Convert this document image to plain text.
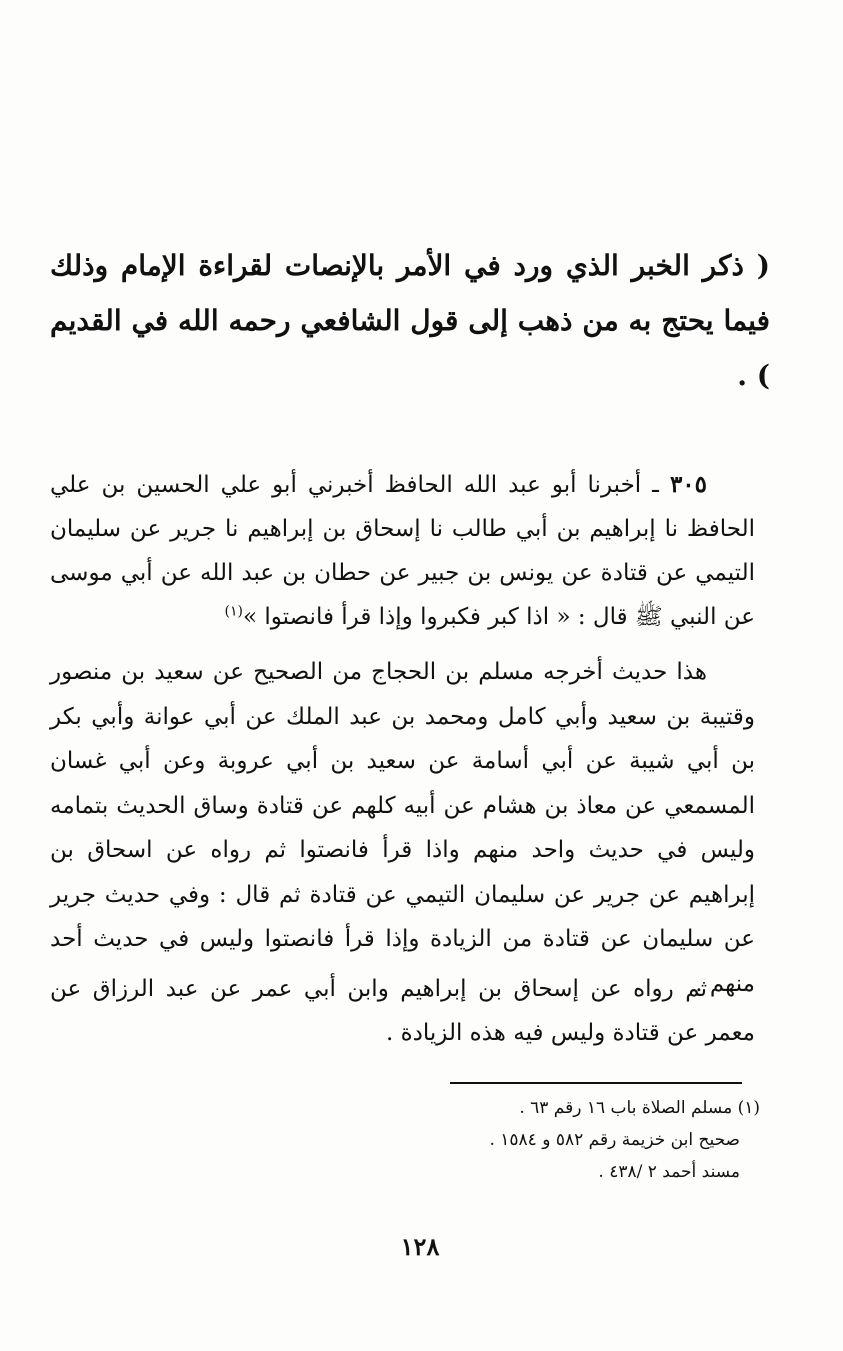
( ذكر الخبر الذي ورد في الأمر بالإنصات لقراءة الإمام وذلك فيما يحتج به من ذهب إلى قول الشافعي رحمه الله في القديم ) .
٣٠٥ ـ أخبرنا أبو عبد الله الحافظ أخبرني أبو علي الحسين بن علي الحافظ نا إبراهيم بن أبي طالب نا إسحاق بن إبراهيم نا جرير عن سليمان التيمي عن قتادة عن يونس بن جبير عن حطان بن عبد الله عن أبي موسى عن النبي ﷺ قال : « اذا كبر فكبروا وإذا قرأ فانصتوا »$^{(١)}$
هذا حديث أخرجه مسلم بن الحجاج من الصحيح عن سعيد بن منصور وقتيبة بن سعيد وأبي كامل ومحمد بن عبد الملك عن أبي عوانة وأبي بكر بن أبي شيبة عن أبي أسامة عن سعيد بن أبي عروبة وعن أبي غسان المسمعي عن معاذ بن هشام عن أبيه كلهم عن قتادة وساق الحديث بتمامه وليس في حديث واحد منهم واذا قرأ فانصتوا ثم رواه عن اسحاق بن إبراهيم عن جرير عن سليمان التيمي عن قتادة ثم قال : وفي حديث جرير عن سليمان عن قتادة من الزيادة وإذا قرأ فانصتوا وليس في حديث أحد منهم .
ثم رواه عن إسحاق بن إبراهيم وابن أبي عمر عن عبد الرزاق عن معمر عن قتادة وليس فيه هذه الزيادة .
(١) مسلم الصلاة باب ١٦ رقم ٦٣ .
صحيح ابن خزيمة رقم ٥٨٢ و ١٥٨٤ .
مسند أحمد ٢ /٤٣٨ .
١٢٨
